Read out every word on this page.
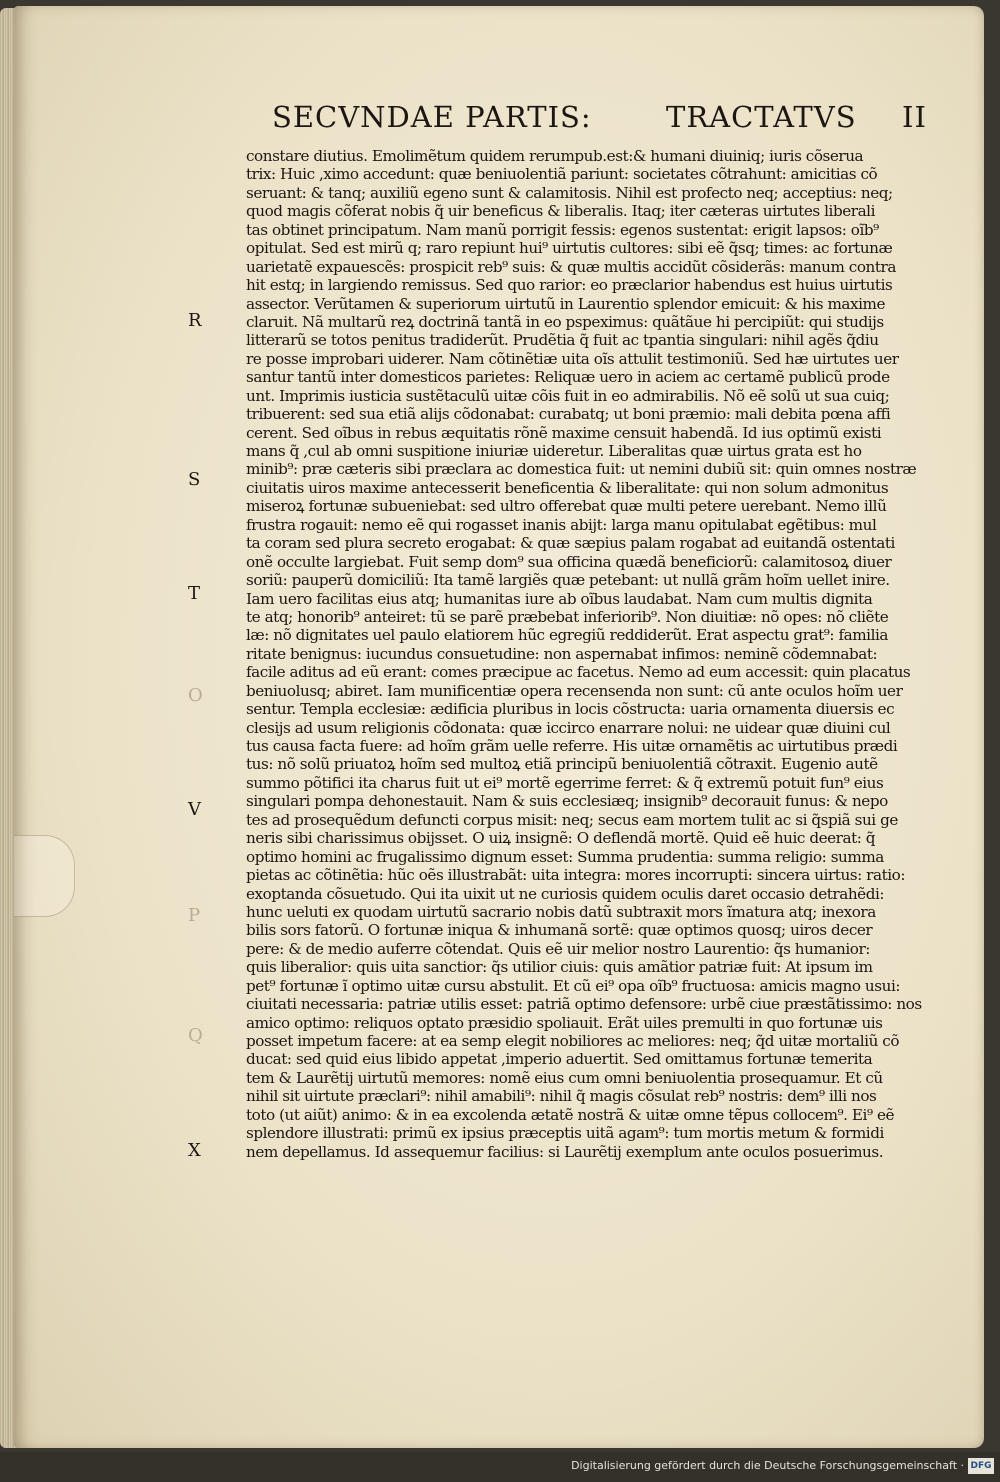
SECVNDAE PARTIS:	TRACTATVS II
R
S
T
O
V
P
Q
X
constare diutius. Emolimẽtum quidem rerumpub.est:& humani diuiniq; iuris cõserua
trix: Huic ,ximo accedunt: quæ beniuolentiã pariunt: societates cõtrahunt: amicitias cõ
seruant: & tanq; auxiliũ egeno sunt & calamitosis. Nihil est profecto neq; acceptius: neq;
quod magis cõferat nobis q̃ uir beneficus & liberalis. Itaq; iter cæteras uirtutes liberali
tas obtinet principatum. Nam manũ porrigit fessis: egenos sustentat: erigit lapsos: oĩb⁹
opitulat. Sed est mirũ q; raro repiunt hui⁹ uirtutis cultores: sibi eẽ q̃sq; times: ac fortunæ
uarietatẽ expauescẽs: prospicit reb⁹ suis: & quæ multis accidũt cõsiderãs: manum contra
hit estq; in largiendo remissus. Sed quo rarior: eo præclarior habendus est huius uirtutis
assector. Verũtamen & superiorum uirtutũ in Laurentio splendor emicuit: & his maxime
claruit. Nã multarũ reꝝ doctrinã tantã in eo pspeximus: quãtãue hi percipiũt: qui studijs
litterarũ se totos penitus tradiderũt. Prudẽtia q̃ fuit ac tpantia singulari: nihil agẽs q̃diu
re posse improbari uiderer. Nam cõtinẽtiæ uita oĩs attulit testimoniũ. Sed hæ uirtutes uer
santur tantũ inter domesticos parietes: Reliquæ uero in aciem ac certamẽ publicũ prode
unt. Imprimis iusticia sustẽtaculũ uitæ cõis fuit in eo admirabilis. Nõ eẽ solũ ut sua cuiq;
tribuerent: sed sua etiã alijs cõdonabat: curabatq; ut boni præmio: mali debita pœna affi
cerent. Sed oĩbus in rebus æquitatis rõnẽ maxime censuit habendã. Id ius optimũ existi
mans q̃ ,cul ab omni suspitione iniuriæ uideretur. Liberalitas quæ uirtus grata est ho
minib⁹: præ cæteris sibi præclara ac domestica fuit: ut nemini dubiũ sit: quin omnes nostræ
ciuitatis uiros maxime antecesserit beneficentia & liberalitate: qui non solum admonitus
miseroꝝ fortunæ subueniebat: sed ultro offerebat quæ multi petere uerebant. Nemo illũ
frustra rogauit: nemo eẽ qui rogasset inanis abijt: larga manu opitulabat egẽtibus: mul
ta coram sed plura secreto erogabat: & quæ sæpius palam rogabat ad euitandã ostentati
onẽ occulte largiebat. Fuit semp dom⁹ sua officina quædã beneficiorũ: calamitosoꝝ diuer
soriũ: pauperũ domiciliũ: Ita tamẽ largiẽs quæ petebant: ut nullã grãm hoĩm uellet inire.
Iam uero facilitas eius atq; humanitas iure ab oĩbus laudabat. Nam cum multis dignita
te atq; honorib⁹ anteiret: tũ se parẽ præbebat inferiorib⁹. Non diuitiæ: nõ opes: nõ cliẽte
læ: nõ dignitates uel paulo elatiorem hũc egregiũ reddiderũt. Erat aspectu grat⁹: familia
ritate benignus: iucundus consuetudine: non aspernabat infimos: neminẽ cõdemnabat:
facile aditus ad eũ erant: comes præcipue ac facetus. Nemo ad eum accessit: quin placatus
beniuolusq; abiret. Iam munificentiæ opera recensenda non sunt: cũ ante oculos hoĩm uer
sentur. Templa ecclesiæ: ædificia pluribus in locis cõstructa: uaria ornamenta diuersis ec
clesijs ad usum religionis cõdonata: quæ iccirco enarrare nolui: ne uidear quæ diuini cul
tus causa facta fuere: ad hoĩm grãm uelle referre. His uitæ ornamẽtis ac uirtutibus prædi
tus: nõ solũ priuatoꝝ hoĩm sed multoꝝ etiã principũ beniuolentiã cõtraxit. Eugenio autẽ
summo põtifici ita charus fuit ut ei⁹ mortẽ egerrime ferret: & q̃ extremũ potuit fun⁹ eius
singulari pompa dehonestauit. Nam & suis ecclesiæq; insignib⁹ decorauit funus: & nepo
tes ad prosequẽdum defuncti corpus misit: neq; secus eam mortem tulit ac si q̃spiã sui ge
neris sibi charissimus obijsset. O uiꝝ insignẽ: O deflendã mortẽ. Quid eẽ huic deerat: q̃
optimo homini ac frugalissimo dignum esset: Summa prudentia: summa religio: summa
pietas ac cõtinẽtia: hũc oẽs illustrabãt: uita integra: mores incorrupti: sincera uirtus: ratio:
exoptanda cõsuetudo. Qui ita uixit ut ne curiosis quidem oculis daret occasio detrahẽdi:
hunc ueluti ex quodam uirtutũ sacrario nobis datũ subtraxit mors ĩmatura atq; inexora
bilis sors fatorũ. O fortunæ iniqua & inhumanã sortẽ: quæ optimos quosq; uiros decer
pere: & de medio auferre cõtendat. Quis eẽ uir melior nostro Laurentio: q̃s humanior:
quis liberalior: quis uita sanctior: q̃s utilior ciuis: quis amãtior patriæ fuit: At ipsum im
pet⁹ fortunæ ĩ optimo uitæ cursu abstulit. Et cũ ei⁹ opa oĩb⁹ fructuosa: amicis magno usui:
ciuitati necessaria: patriæ utilis esset: patriã optimo defensore: urbẽ ciue præstãtissimo: nos
amico optimo: reliquos optato præsidio spoliauit. Erãt uiles premulti in quo fortunæ uis
posset impetum facere: at ea semp elegit nobiliores ac meliores: neq; q̃d uitæ mortaliũ cõ
ducat: sed quid eius libido appetat ,imperio aduertit. Sed omittamus fortunæ temerita
tem & Laurẽtij uirtutũ memores: nomẽ eius cum omni beniuolentia prosequamur. Et cũ
nihil sit uirtute præclari⁹: nihil amabili⁹: nihil q̃ magis cõsulat reb⁹ nostris: dem⁹ illi nos
toto (ut aiũt) animo: & in ea excolenda ætatẽ nostrã & uitæ omne tẽpus collocem⁹. Ei⁹ eẽ
splendore illustrati: primũ ex ipsius præceptis uitã agam⁹: tum mortis metum & formidi
nem depellamus. Id assequemur facilius: si Laurẽtij exemplum ante oculos posuerimus.
Digitalisierung gefördert durch die Deutsche Forschungsgemeinschaft · DFG
